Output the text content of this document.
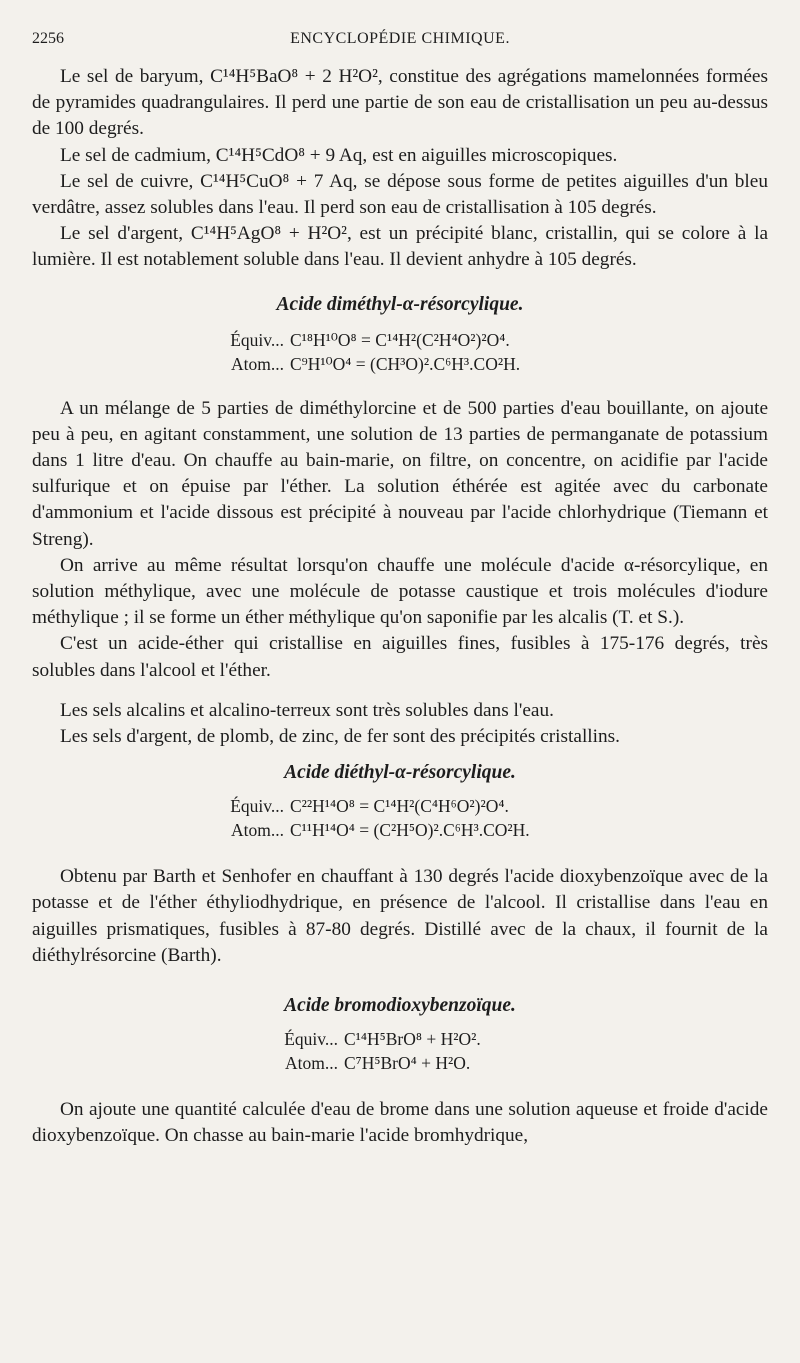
2256	ENCYCLOPÉDIE CHIMIQUE.

Le sel de baryum, C¹⁴H⁵BaO⁸ + 2 H²O², constitue des agrégations mamelonnées formées de pyramides quadrangulaires. Il perd une partie de son eau de cristallisation un peu au-dessus de 100 degrés.

Le sel de cadmium, C¹⁴H⁵CdO⁸ + 9 Aq, est en aiguilles microscopiques.

Le sel de cuivre, C¹⁴H⁵CuO⁸ + 7 Aq, se dépose sous forme de petites aiguilles d'un bleu verdâtre, assez solubles dans l'eau. Il perd son eau de cristallisation à 105 degrés.

Le sel d'argent, C¹⁴H⁵AgO⁸ + H²O², est un précipité blanc, cristallin, qui se colore à la lumière. Il est notablement soluble dans l'eau. Il devient anhydre à 105 degrés.

Acide diméthyl-α-résorcylique.
Équiv... C¹⁸H¹⁰O⁸ = C¹⁴H²(C²H⁴O²)²O⁴.
Atom... C⁹H¹⁰O⁴ = (CH³O)².C⁶H³.CO²H.

A un mélange de 5 parties de diméthylorcine et de 500 parties d'eau bouillante, on ajoute peu à peu, en agitant constamment, une solution de 13 parties de permanganate de potassium dans 1 litre d'eau. On chauffe au bain-marie, on filtre, on concentre, on acidifie par l'acide sulfurique et on épuise par l'éther. La solution éthérée est agitée avec du carbonate d'ammonium et l'acide dissous est précipité à nouveau par l'acide chlorhydrique (Tiemann et Streng).

On arrive au même résultat lorsqu'on chauffe une molécule d'acide α-résorcylique, en solution méthylique, avec une molécule de potasse caustique et trois molécules d'iodure méthylique ; il se forme un éther méthylique qu'on saponifie par les alcalis (T. et S.).

C'est un acide-éther qui cristallise en aiguilles fines, fusibles à 175-176 degrés, très solubles dans l'alcool et l'éther.

Les sels alcalins et alcalino-terreux sont très solubles dans l'eau.

Les sels d'argent, de plomb, de zinc, de fer sont des précipités cristallins.

Acide diéthyl-α-résorcylique.
Équiv... C²²H¹⁴O⁸ = C¹⁴H²(C⁴H⁶O²)²O⁴.
Atom... C¹¹H¹⁴O⁴ = (C²H⁵O)².C⁶H³.CO²H.

Obtenu par Barth et Senhofer en chauffant à 130 degrés l'acide dioxybenzoïque avec de la potasse et de l'éther éthyliodhydrique, en présence de l'alcool. Il cristallise dans l'eau en aiguilles prismatiques, fusibles à 87-80 degrés. Distillé avec de la chaux, il fournit de la diéthylrésorcine (Barth).

Acide bromodioxybenzoïque.
Équiv... C¹⁴H⁵BrO⁸ + H²O².
Atom... C⁷H⁵BrO⁴ + H²O.

On ajoute une quantité calculée d'eau de brome dans une solution aqueuse et froide d'acide dioxybenzoïque. On chasse au bain-marie l'acide bromhydrique,
